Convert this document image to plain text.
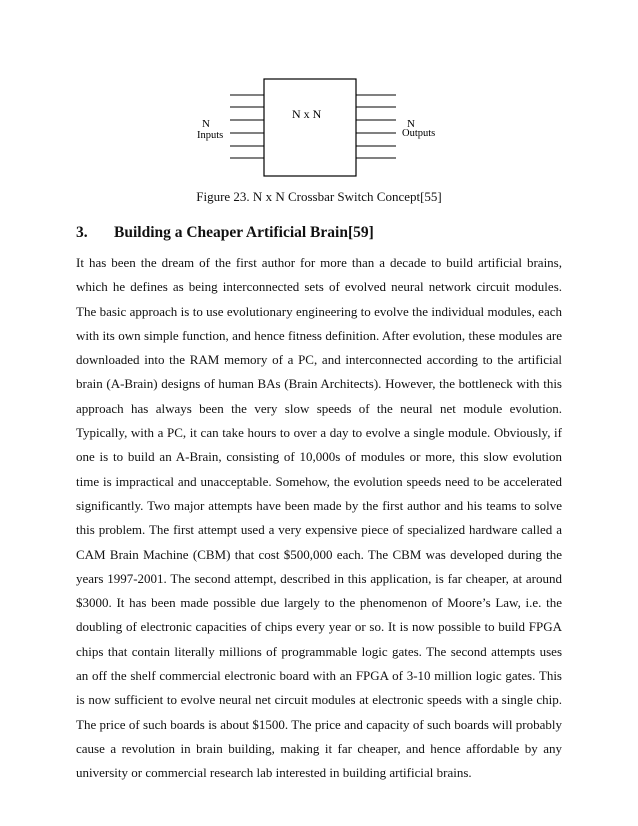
N x N
N
Inputs
N
Outputs
Figure 23. N x N Crossbar Switch Concept[55]
3. Building a Cheaper Artificial Brain[59]

It has been the dream of the first author for more than a decade to build artificial brains, which he defines as being interconnected sets of evolved neural network circuit modules. The basic approach is to use evolutionary engineering to evolve the individual modules, each with its own simple function, and hence fitness definition. After evolution, these modules are downloaded into the RAM memory of a PC, and interconnected according to the artificial brain (A-Brain) designs of human BAs (Brain Architects). However, the bottleneck with this approach has always been the very slow speeds of the neural net module evolution. Typically, with a PC, it can take hours to over a day to evolve a single module. Obviously, if one is to build an A-Brain, consisting of 10,000s of modules or more, this slow evolution time is impractical and unacceptable. Somehow, the evolution speeds need to be accelerated significantly. Two major attempts have been made by the first author and his teams to solve this problem. The first attempt used a very expensive piece of specialized hardware called a CAM Brain Machine (CBM) that cost $500,000 each. The CBM was developed during the years 1997-2001. The second attempt, described in this application, is far cheaper, at around $3000. It has been made possible due largely to the phenomenon of Moore’s Law, i.e. the doubling of electronic capacities of chips every year or so. It is now possible to build FPGA chips that contain literally millions of programmable logic gates. The second attempts uses an off the shelf commercial electronic board with an FPGA of 3-10 million logic gates. This is now sufficient to evolve neural net circuit modules at electronic speeds with a single chip. The price of such boards is about $1500. The price and capacity of such boards will probably cause a revolution in brain building, making it far cheaper, and hence affordable by any university or commercial research lab interested in building artificial brains.
